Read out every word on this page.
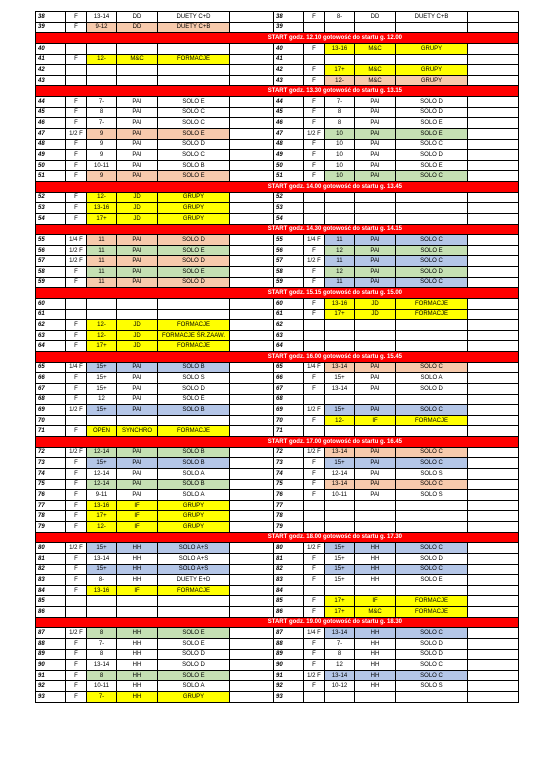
38	F	13-14	DD	DUETY C+D		38	F	8-	DD	DUETY C+B	
39	F	9-12	DD	DUETY C+B		39					
START godz. 12.10 gotowość do startu g. 12.00											
40						40	F	13-16	M&C	GRUPY	
41	F	12-	M&C	FORMACJE		41					
42						42	F	17+	M&C	GRUPY	
43						43	F	12-	M&C	GRUPY	
START godz. 13.30 gotowość do startu g. 13.15											
44	F	7-	PAI	SOLO E		44	F	7-	PAI	SOLO D	
45	F	8	PAI	SOLO C		45	F	8	PAI	SOLO D	
46	F	7-	PAI	SOLO C		46	F	8	PAI	SOLO E	
47	1/2 F	9	PAI	SOLO E		47	1/2 F	10	PAI	SOLO E	
48	F	9	PAI	SOLO D		48	F	10	PAI	SOLO C	
49	F	9	PAI	SOLO C		49	F	10	PAI	SOLO D	
50	F	10-11	PAI	SOLO B		50	F	10	PAI	SOLO E	
51	F	9	PAI	SOLO E		51	F	10	PAI	SOLO C	
START godz. 14.00 gotowość do startu g. 13.45											
52	F	12-	JD	GRUPY		52					
53	F	13-16	JD	GRUPY		53					
54	F	17+	JD	GRUPY		54					
START godz. 14.30 gotowość do startu g. 14.15											
55	1/4 F	11	PAI	SOLO D		55	1/4 F	11	PAI	SOLO C	
56	1/2 F	11	PAI	SOLO E		56	F	12	PAI	SOLO E	
57	1/2 F	11	PAI	SOLO D		57	1/2 F	11	PAI	SOLO C	
58	F	11	PAI	SOLO E		58	F	12	PAI	SOLO D	
59	F	11	PAI	SOLO D		59	F	11	PAI	SOLO C	
START godz. 15.15 gotowość do startu g. 15.00											
60						60	F	13-16	JD	FORMACJE	
61						61	F	17+	JD	FORMACJE	
62	F	12-	JD	FORMACJE		62					
63	F	12-	JD	FORMACJE ŚR.ZAAW.		63					
64	F	17+	JD	FORMACJE		64					
START godz. 16.00 gotowość do startu g. 15.45											
65	1/4 F	15+	PAI	SOLO B		65	1/4 F	13-14	PAI	SOLO C	
66	F	15+	PAI	SOLO S		66	F	15+	PAI	SOLO A	
67	F	15+	PAI	SOLO D		67	F	13-14	PAI	SOLO D	
68	F	12	PAI	SOLO E		68					
69	1/2 F	15+	PAI	SOLO B		69	1/2 F	15+	PAI	SOLO C	
70						70	F	12-	IF	FORMACJE	
71	F	OPEN	SYNCHRO	FORMACJE		71					
START godz. 17.00 gotowość do startu g. 16.45											
72	1/2 F	12-14	PAI	SOLO B		72	1/2 F	13-14	PAI	SOLO C	
73	F	15+	PAI	SOLO B		73	F	15+	PAI	SOLO C	
74	F	12-14	PAI	SOLO A		74	F	12-14	PAI	SOLO S	
75	F	12-14	PAI	SOLO B		75	F	13-14	PAI	SOLO C	
76	F	9-11	PAI	SOLO A		76	F	10-11	PAI	SOLO S	
77	F	13-16	IF	GRUPY		77					
78	F	17+	IF	GRUPY		78					
79	F	12-	IF	GRUPY		79					
START godz. 18.00 gotowość do startu g. 17.30											
80	1/2 F	15+	HH	SOLO A+S		80	1/2 F	15+	HH	SOLO C	
81	F	13-14	HH	SOLO A+S		81	F	15+	HH	SOLO D	
82	F	15+	HH	SOLO A+S		82	F	15+	HH	SOLO C	
83	F	8-	HH	DUETY E+D		83	F	15+	HH	SOLO E	
84	F	13-16	IF	FORMACJE		84					
85						85	F	17+	IF	FORMACJE	
86						86	F	17+	M&C	FORMACJE	
START godz. 19.00 gotowość do startu g. 18.30											
87	1/2 F	8	HH	SOLO E		87	1/4 F	13-14	HH	SOLO C	
88	F	7-	HH	SOLO E		88	F	7-	HH	SOLO D	
89	F	8	HH	SOLO D		89	F	8	HH	SOLO D	
90	F	13-14	HH	SOLO D		90	F	12	HH	SOLO C	
91	F	8	HH	SOLO E		91	1/2 F	13-14	HH	SOLO C	
92	F	10-11	HH	SOLO A		92	F	10-12	HH	SOLO S	
93	F	7-	HH	GRUPY		93					
